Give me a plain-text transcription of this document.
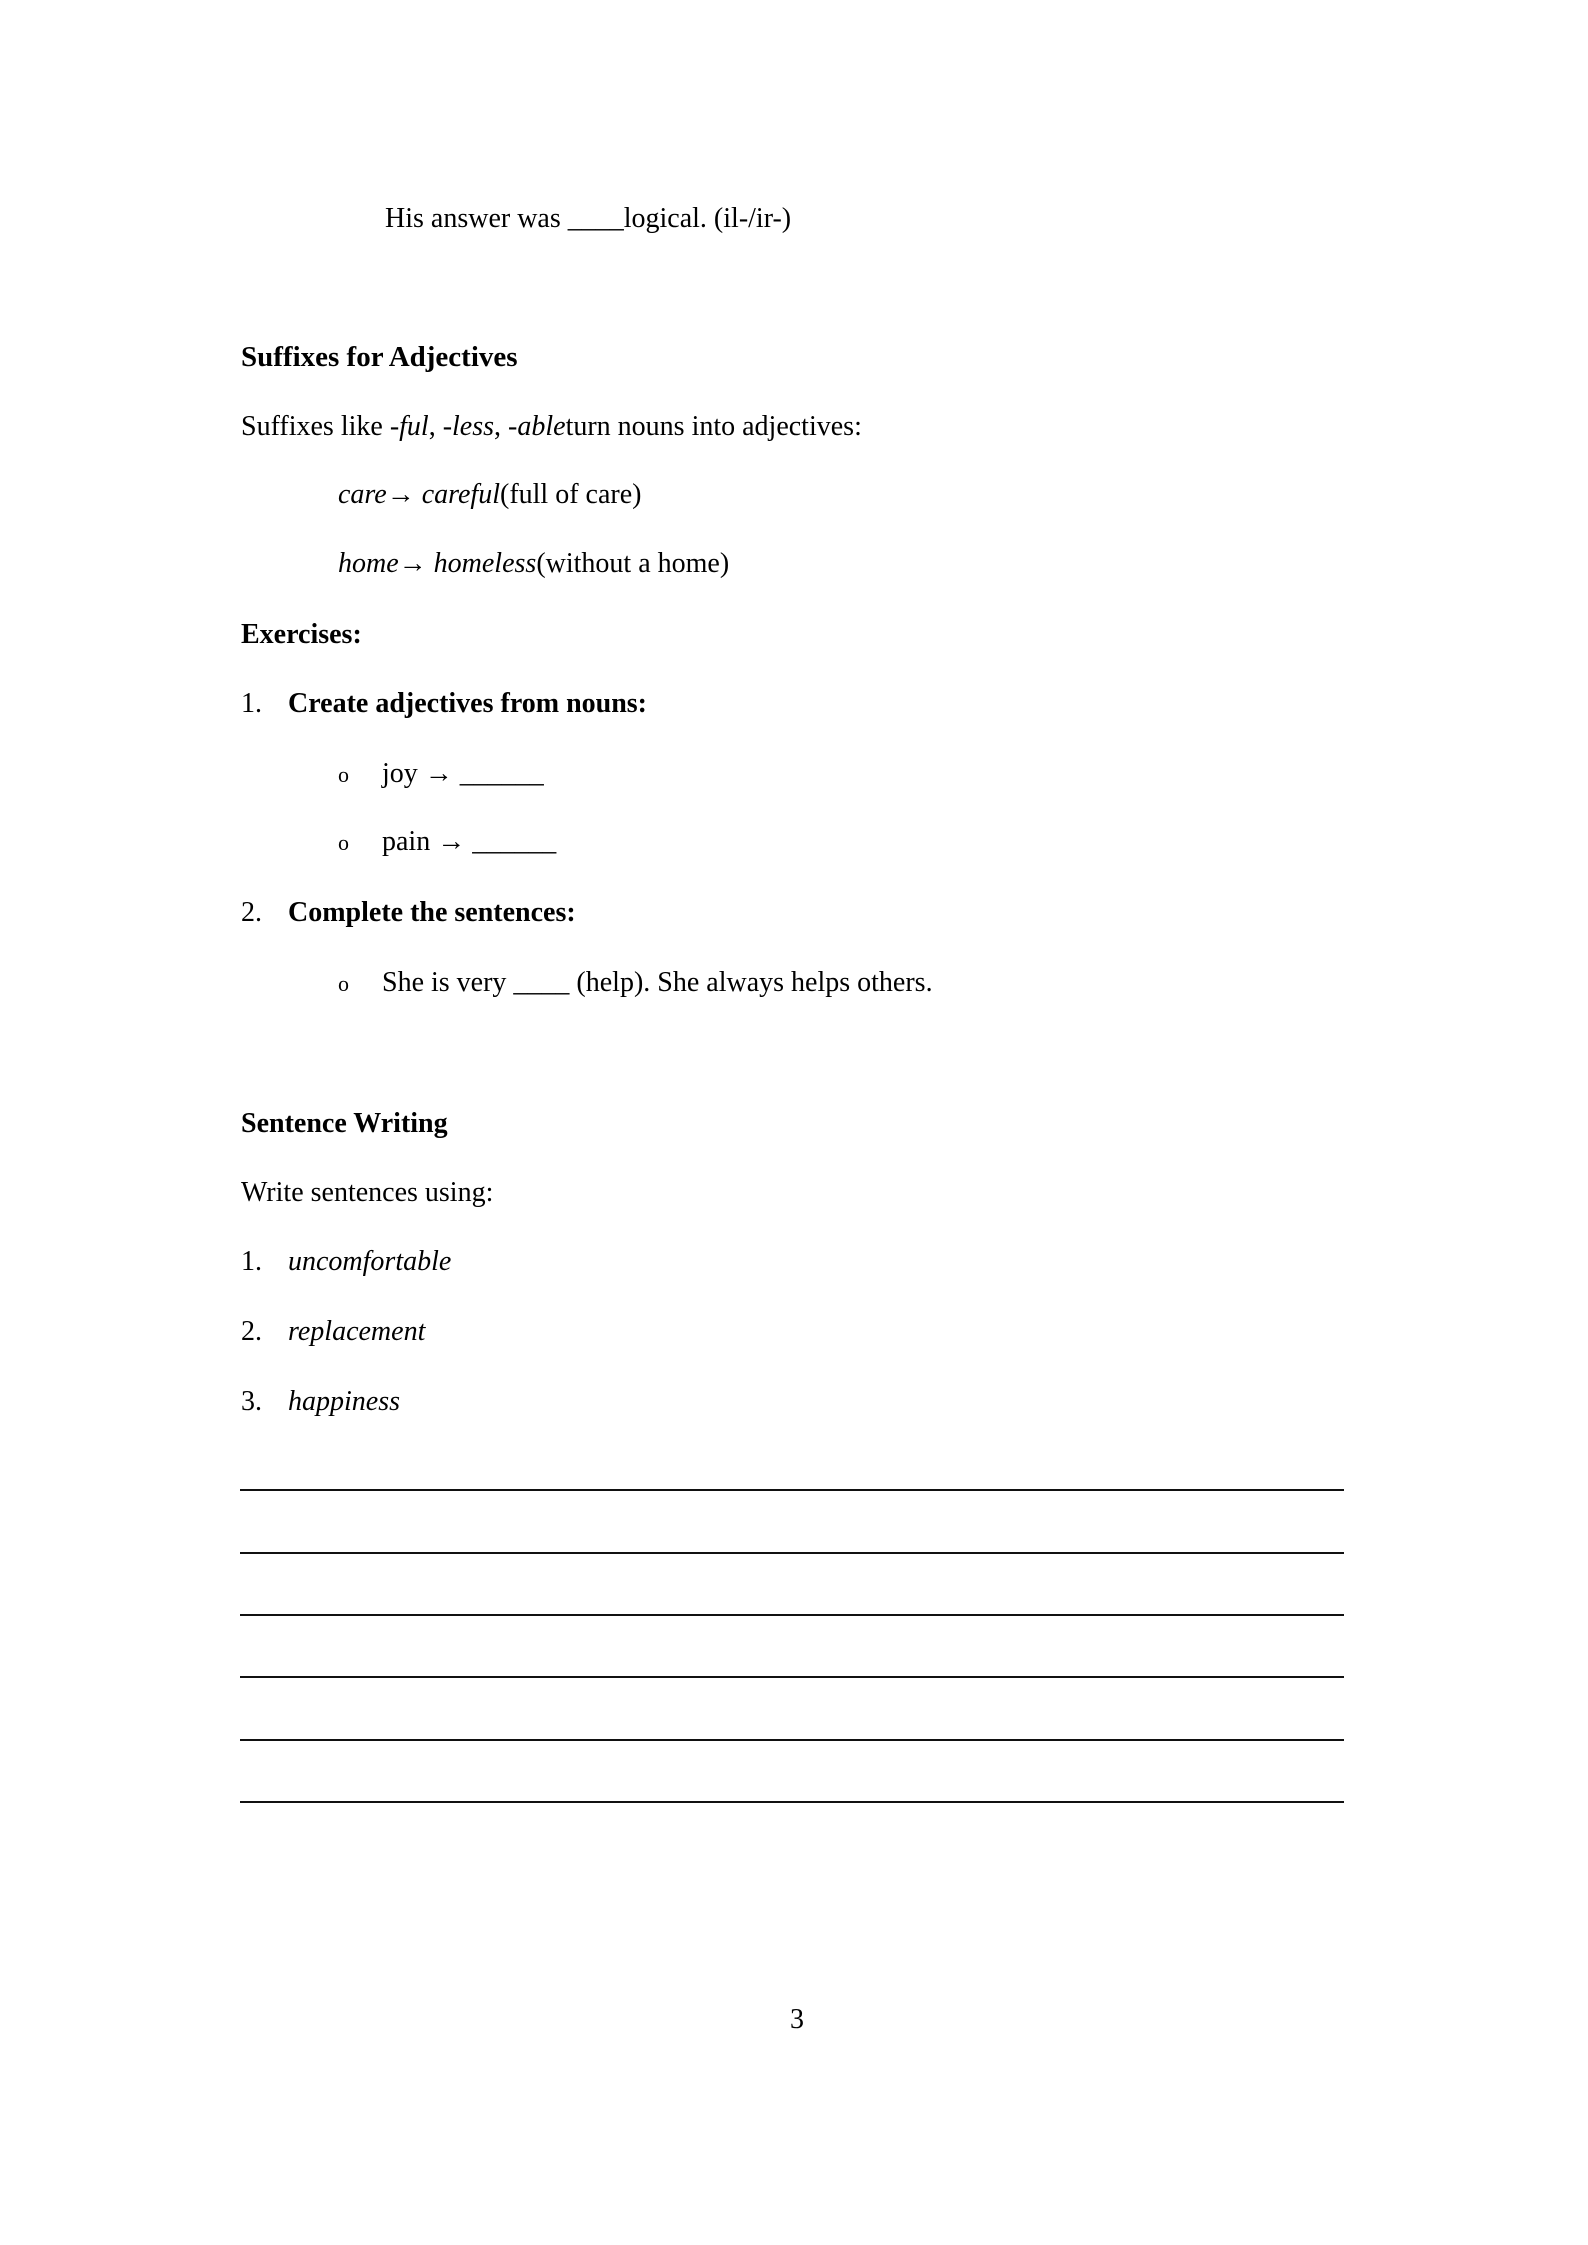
His answer was ____logical. (il-/ir-)
Suffixes for Adjectives
Suffixes like -ful, -less, -ableturn nouns into adjectives:
care→ careful(full of care)
home→ homeless(without a home)
Exercises:
1. Create adjectives from nouns:
o joy → ______
o pain → ______
2. Complete the sentences:
o She is very ____ (help). She always helps others.
Sentence Writing
Write sentences using:
1. uncomfortable
2. replacement
3. happiness
3
